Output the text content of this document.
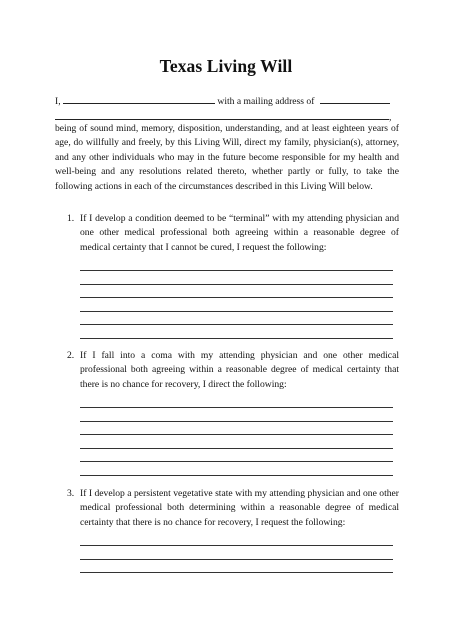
Texas Living Will
I,	with a mailing address of
,
being of sound mind, memory, disposition, understanding, and at least eighteen years of age, do willfully and freely, by this Living Will, direct my family, physician(s), attorney, and any other individuals who may in the future become responsible for my health and well-being and any resolutions related thereto, whether partly or fully, to take the following actions in each of the circumstances described in this Living Will below.
1. If I develop a condition deemed to be “terminal” with my attending physician and one other medical professional both agreeing within a reasonable degree of medical certainty that I cannot be cured, I request the following:
2. If I fall into a coma with my attending physician and one other medical professional both agreeing within a reasonable degree of medical certainty that there is no chance for recovery, I direct the following:
3. If I develop a persistent vegetative state with my attending physician and one other medical professional both determining within a reasonable degree of medical certainty that there is no chance for recovery, I request the following:
